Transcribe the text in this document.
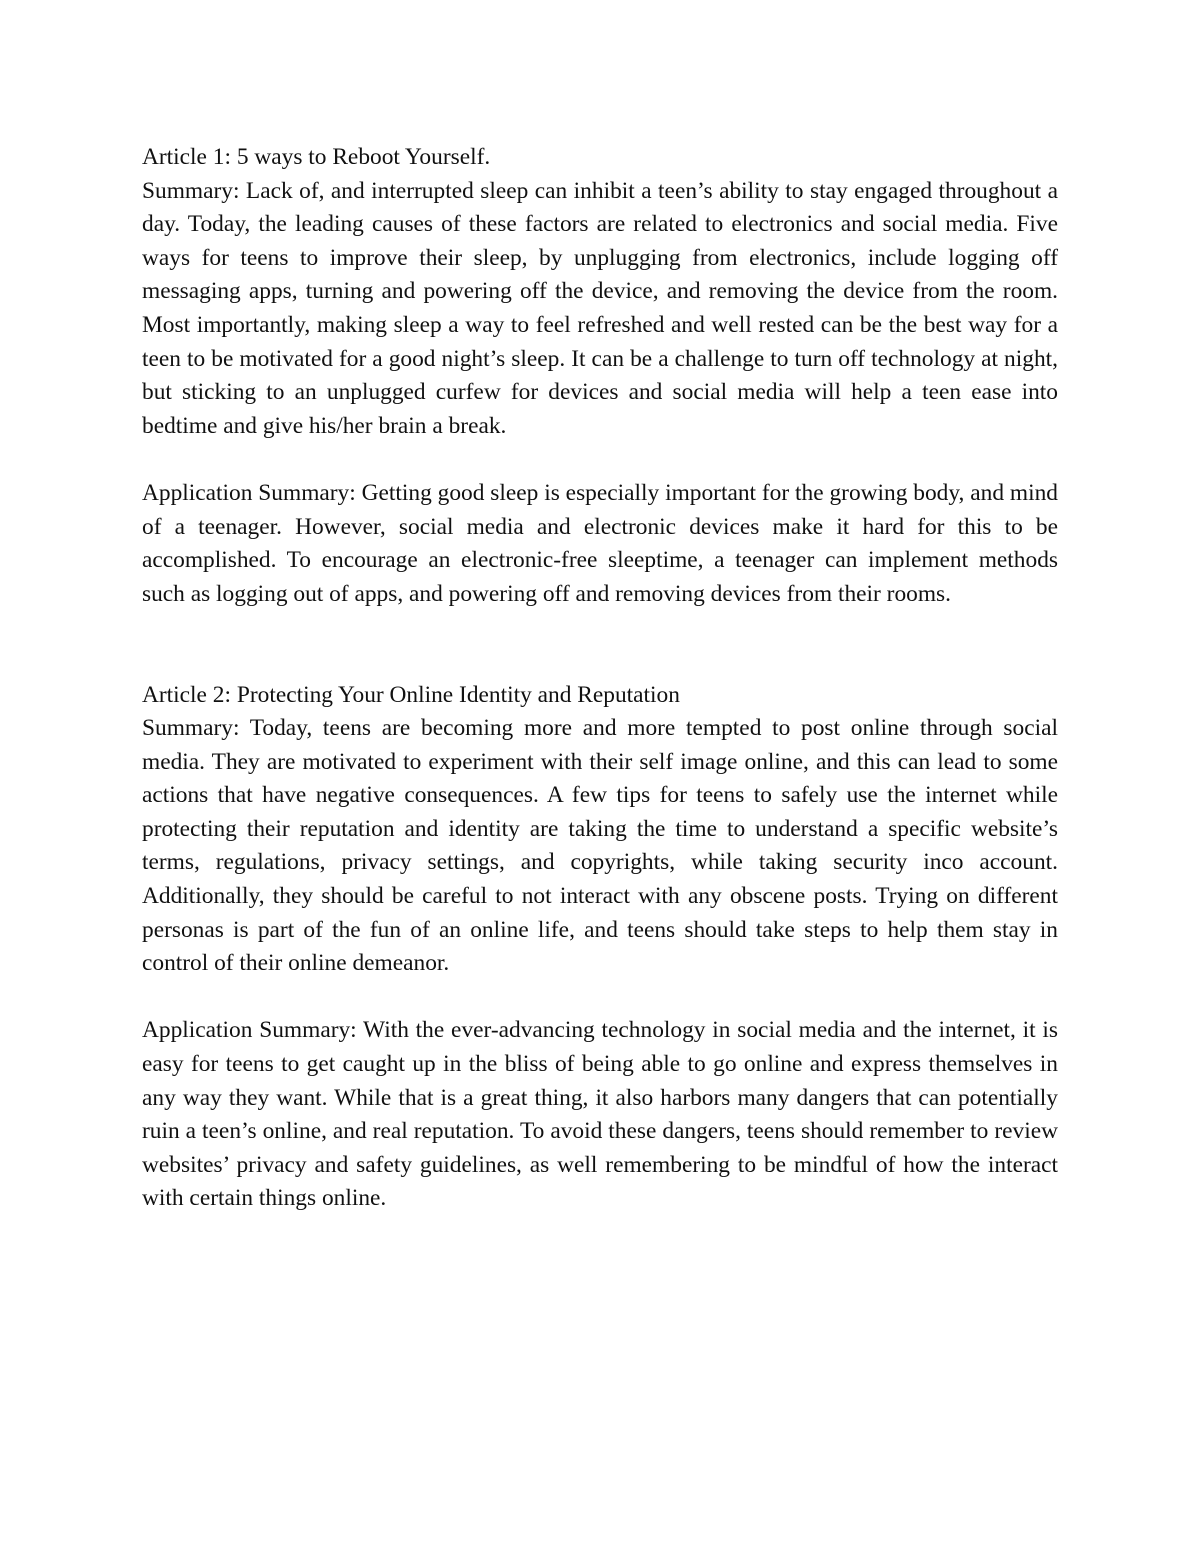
Article 1: 5 ways to Reboot Yourself.

Summary: Lack of, and interrupted sleep can inhibit a teen’s ability to stay engaged throughout a day. Today, the leading causes of these factors are related to electronics and social media. Five ways for teens to improve their sleep, by unplugging from electronics, include logging off messaging apps, turning and powering off the device, and removing the device from the room. Most importantly, making sleep a way to feel refreshed and well rested can be the best way for a teen to be motivated for a good night’s sleep. It can be a challenge to turn off technology at night, but sticking to an unplugged curfew for devices and social media will help a teen ease into bedtime and give his/her brain a break.

Application Summary: Getting good sleep is especially important for the growing body, and mind of a teenager. However, social media and electronic devices make it hard for this to be accomplished. To encourage an electronic-free sleeptime, a teenager can implement methods such as logging out of apps, and powering off and removing devices from their rooms.

Article 2: Protecting Your Online Identity and Reputation

Summary: Today, teens are becoming more and more tempted to post online through social media. They are motivated to experiment with their self image online, and this can lead to some actions that have negative consequences. A few tips for teens to safely use the internet while protecting their reputation and identity are taking the time to understand a specific website’s terms, regulations, privacy settings, and copyrights, while taking security inco account. Additionally, they should be careful to not interact with any obscene posts. Trying on different personas is part of the fun of an online life, and teens should take steps to help them stay in control of their online demeanor.

Application Summary: With the ever-advancing technology in social media and the internet, it is easy for teens to get caught up in the bliss of being able to go online and express themselves in any way they want. While that is a great thing, it also harbors many dangers that can potentially ruin a teen’s online, and real reputation. To avoid these dangers, teens should remember to review websites’ privacy and safety guidelines, as well remembering to be mindful of how the interact with certain things online.
